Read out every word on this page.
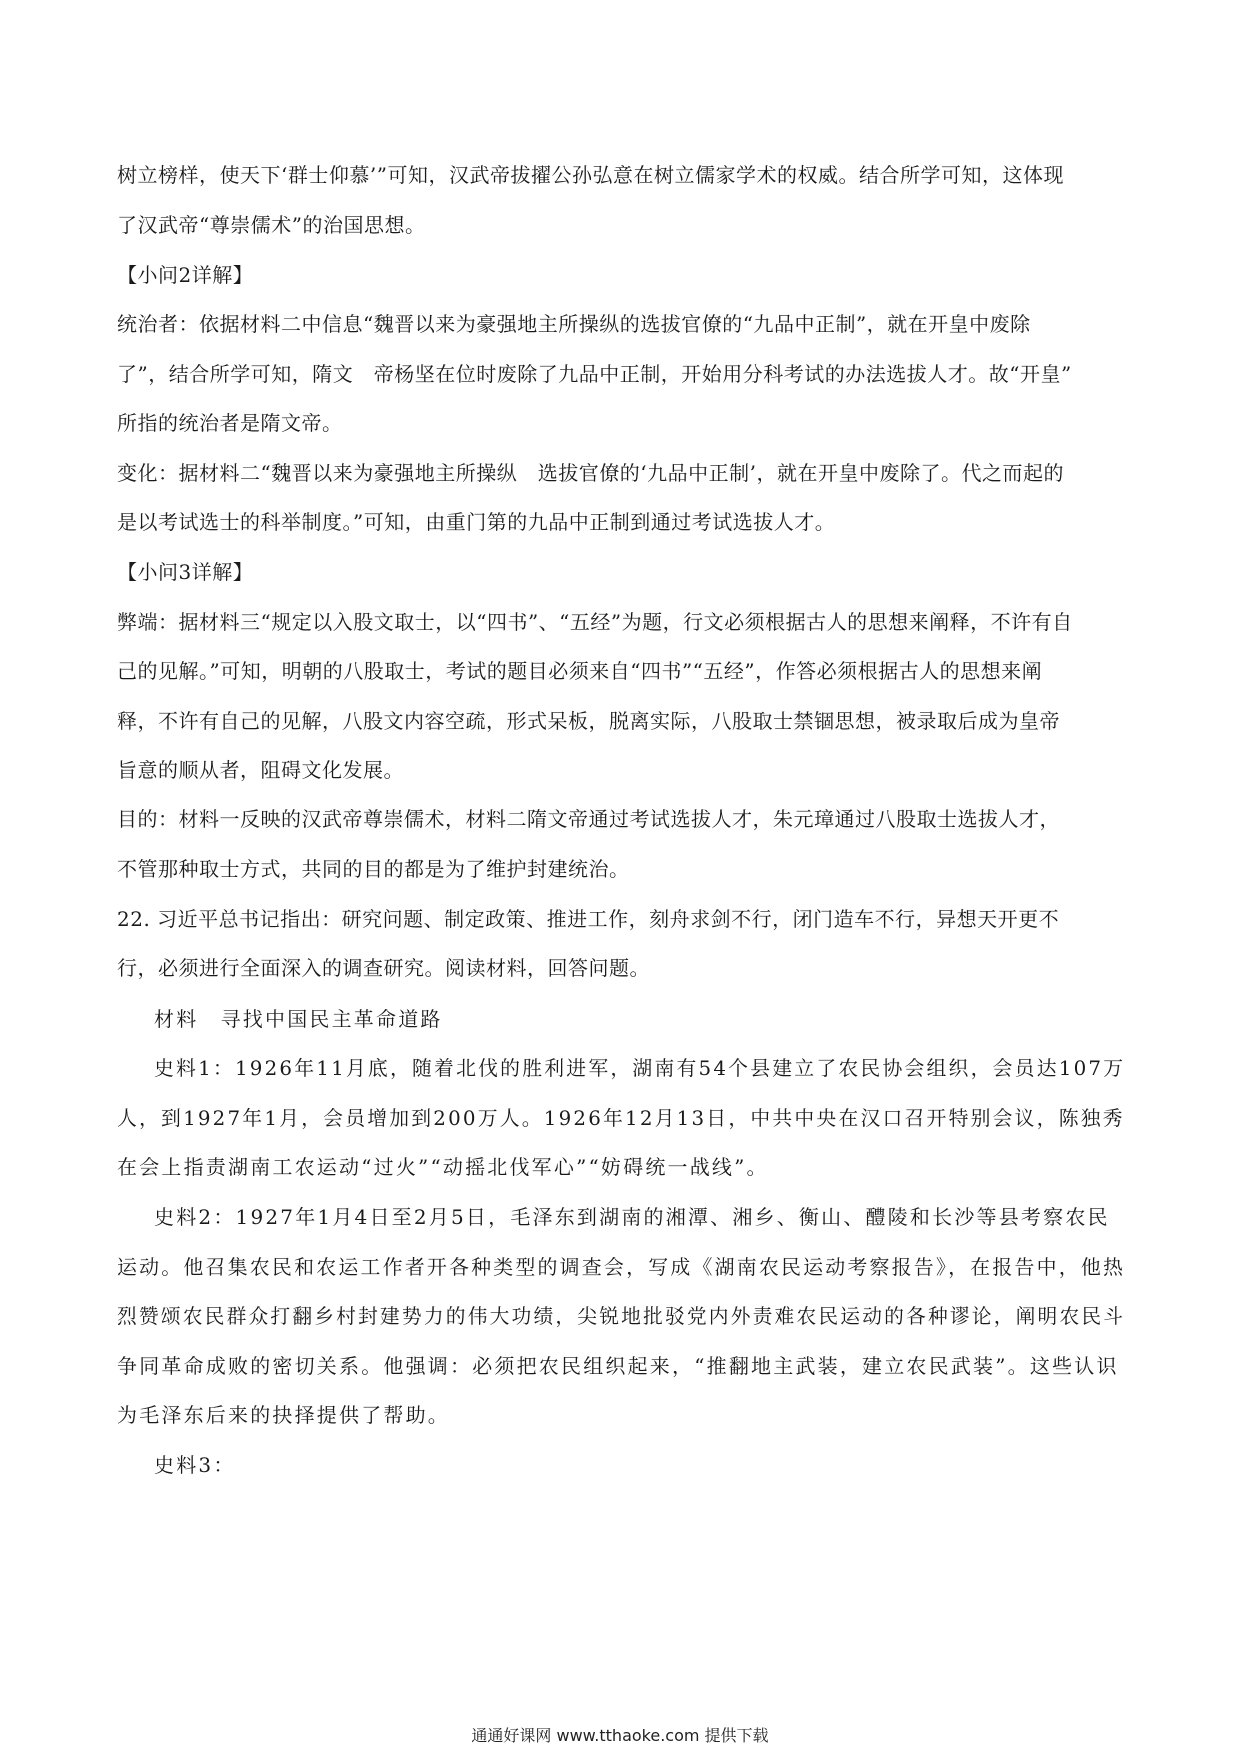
树立榜样，使天下‘群士仰慕’”可知，汉武帝拔擢公孙弘意在树立儒家学术的权威。结合所学可知，这体现
了汉武帝“尊崇儒术”的治国思想。
【小问2详解】
统治者：依据材料二中信息“魏晋以来为豪强地主所操纵的选拔官僚的“九品中正制”，就在开皇中废除
了”，结合所学可知，隋文　帝杨坚在位时废除了九品中正制，开始用分科考试的办法选拔人才。故“开皇”
所指的统治者是隋文帝。
变化：据材料二“魏晋以来为豪强地主所操纵　选拔官僚的‘九品中正制’，就在开皇中废除了。代之而起的
是以考试选士的科举制度。”可知，由重门第的九品中正制到通过考试选拔人才。
【小问3详解】
弊端：据材料三“规定以入股文取士，以“四书”、“五经”为题，行文必须根据古人的思想来阐释，不许有自
己的见解。”可知，明朝的八股取士，考试的题目必须来自“四书”“五经”，作答必须根据古人的思想来阐
释，不许有自己的见解，八股文内容空疏，形式呆板，脱离实际，八股取士禁锢思想，被录取后成为皇帝
旨意的顺从者，阻碍文化发展。
目的：材料一反映的汉武帝尊崇儒术，材料二隋文帝通过考试选拔人才，朱元璋通过八股取士选拔人才，
不管那种取士方式，共同的目的都是为了维护封建统治。
22. 习近平总书记指出：研究问题、制定政策、推进工作，刻舟求剑不行，闭门造车不行，异想天开更不
行，必须进行全面深入的调查研究。阅读材料，回答问题。
材料　寻找中国民主革命道路
史料1：1926年11月底，随着北伐的胜利进军，湖南有54个县建立了农民协会组织，会员达107万
人，到1927年1月，会员增加到200万人。1926年12月13日，中共中央在汉口召开特别会议，陈独秀
在会上指责湖南工农运动“过火”“动摇北伐军心”“妨碍统一战线”。
史料2：1927年1月4日至2月5日，毛泽东到湖南的湘潭、湘乡、衡山、醴陵和长沙等县考察农民
运动。他召集农民和农运工作者开各种类型的调查会，写成《湖南农民运动考察报告》，在报告中，他热
烈赞颂农民群众打翻乡村封建势力的伟大功绩，尖锐地批驳党内外责难农民运动的各种谬论，阐明农民斗
争同革命成败的密切关系。他强调：必须把农民组织起来，“推翻地主武装，建立农民武装”。这些认识
为毛泽东后来的抉择提供了帮助。
史料3：
通通好课网 www.tthaoke.com 提供下载
